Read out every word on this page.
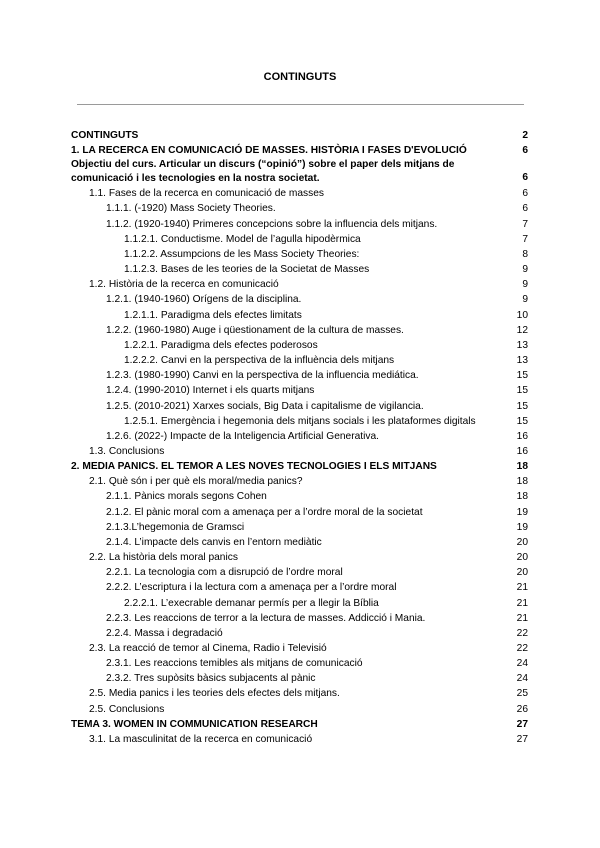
CONTINGUTS
CONTINGUTS	2
1. LA RECERCA EN COMUNICACIÓ DE MASSES. HISTÒRIA I FASES D'EVOLUCIÓ	6
Objectiu del curs. Articular un discurs (“opinió”) sobre el paper dels mitjans de comunicació i les tecnologies en la nostra societat.	6
1.1. Fases de la recerca en comunicació de masses	6
1.1.1. (-1920) Mass Society Theories.	6
1.1.2. (1920-1940) Primeres concepcions sobre la influencia dels mitjans.	7
1.1.2.1. Conductisme. Model de l’agulla hipodèrmica	7
1.1.2.2. Assumpcions de les Mass Society Theories:	8
1.1.2.3. Bases de les teories de la Societat de Masses	9
1.2. Història de la recerca en comunicació	9
1.2.1. (1940-1960) Orígens de la disciplina.	9
1.2.1.1. Paradigma dels efectes limitats	10
1.2.2. (1960-1980) Auge i qüestionament de la cultura de masses.	12
1.2.2.1. Paradigma dels efectes poderosos	13
1.2.2.2. Canvi en la perspectiva de la influència dels mitjans	13
1.2.3. (1980-1990) Canvi en la perspectiva de la influencia mediática.	15
1.2.4. (1990-2010) Internet i els quarts mitjans	15
1.2.5. (2010-2021) Xarxes socials, Big Data i capitalisme de vigilancia.	15
1.2.5.1. Emergència i hegemonia dels mitjans socials i les plataformes digitals	15
1.2.6. (2022-) Impacte de la Inteligencia Artificial Generativa.	16
1.3. Conclusions	16
2. MEDIA PANICS. EL TEMOR A LES NOVES TECNOLOGIES I ELS MITJANS	18
2.1. Què són i per què els moral/media panics?	18
2.1.1. Pànics morals segons Cohen	18
2.1.2. El pànic moral com a amenaça per a l’ordre moral de la societat	19
2.1.3.L’hegemonia de Gramsci	19
2.1.4. L’impacte dels canvis en l’entorn mediàtic	20
2.2. La història dels moral panics	20
2.2.1. La tecnologia com a disrupció de l’ordre moral	20
2.2.2. L’escriptura i la lectura com a amenaça per a l’ordre moral	21
2.2.2.1. L’execrable demanar permís per a llegir la Bíblia	21
2.2.3. Les reaccions de terror a la lectura de masses. Addicció i Mania.	21
2.2.4. Massa i degradació	22
2.3. La reacció de temor al Cinema, Radio i Televisió	22
2.3.1. Les reaccions temibles als mitjans de comunicació	24
2.3.2. Tres supòsits bàsics subjacents al pànic	24
2.5. Media panics i les teories dels efectes dels mitjans.	25
2.5. Conclusions	26
TEMA 3. WOMEN IN COMMUNICATION RESEARCH	27
3.1. La masculinitat de la recerca en comunicació	27
